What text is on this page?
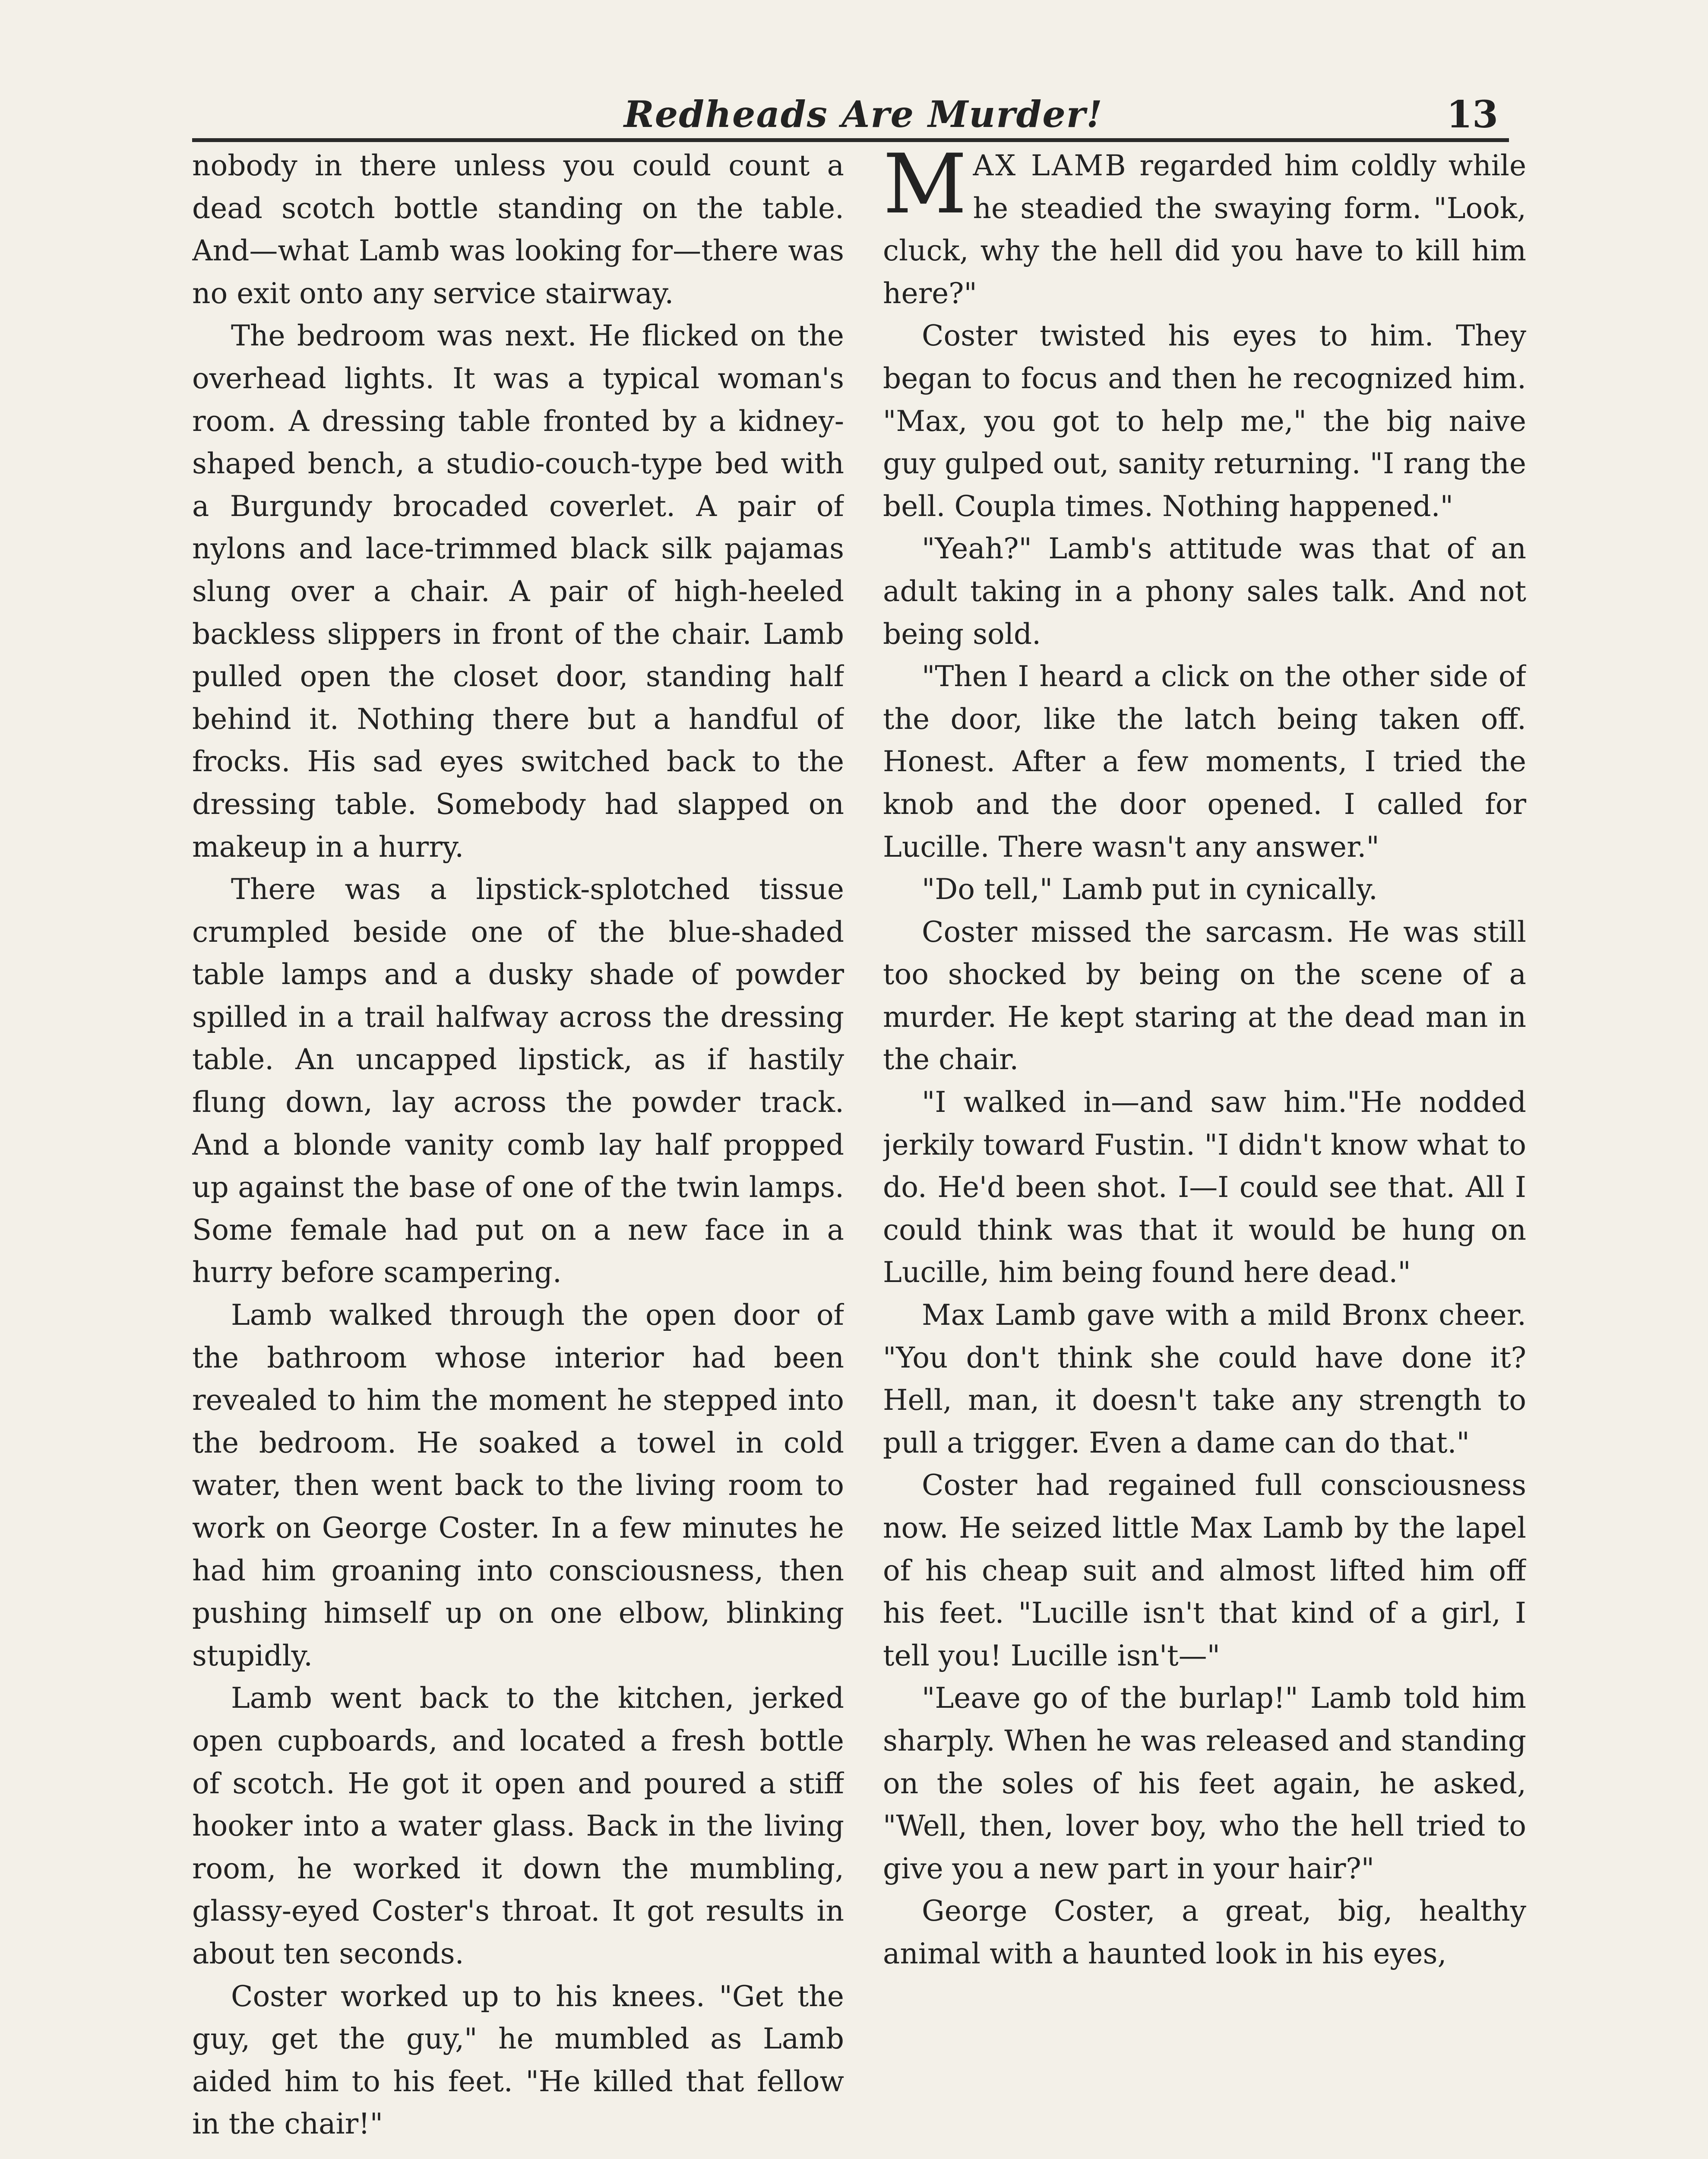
Redheads Are Murder!	13

nobody in there unless you could count a dead scotch bottle standing on the table. And—what Lamb was looking for—there was no exit onto any service stairway.

The bedroom was next. He flicked on the overhead lights. It was a typical woman's room. A dressing table fronted by a kidney-shaped bench, a studio-couch-type bed with a Burgundy brocaded coverlet. A pair of nylons and lace-trimmed black silk pajamas slung over a chair. A pair of high-heeled backless slippers in front of the chair. Lamb pulled open the closet door, standing half behind it. Nothing there but a handful of frocks. His sad eyes switched back to the dressing table. Somebody had slapped on makeup in a hurry.

There was a lipstick-splotched tissue crumpled beside one of the blue-shaded table lamps and a dusky shade of powder spilled in a trail halfway across the dressing table. An uncapped lipstick, as if hastily flung down, lay across the powder track. And a blonde vanity comb lay half propped up against the base of one of the twin lamps. Some female had put on a new face in a hurry before scampering.

Lamb walked through the open door of the bathroom whose interior had been revealed to him the moment he stepped into the bedroom. He soaked a towel in cold water, then went back to the living room to work on George Coster. In a few minutes he had him groaning into consciousness, then pushing himself up on one elbow, blinking stupidly.

Lamb went back to the kitchen, jerked open cupboards, and located a fresh bottle of scotch. He got it open and poured a stiff hooker into a water glass. Back in the living room, he worked it down the mumbling, glassy-eyed Coster's throat. It got results in about ten seconds.

Coster worked up to his knees. "Get the guy, get the guy," he mumbled as Lamb aided him to his feet. "He killed that fellow in the chair!"

MAX LAMB regarded him coldly while he steadied the swaying form. "Look, cluck, why the hell did you have to kill him here?"

Coster twisted his eyes to him. They began to focus and then he recognized him. "Max, you got to help me," the big naive guy gulped out, sanity returning. "I rang the bell. Coupla times. Nothing happened."

"Yeah?" Lamb's attitude was that of an adult taking in a phony sales talk. And not being sold.

"Then I heard a click on the other side of the door, like the latch being taken off. Honest. After a few moments, I tried the knob and the door opened. I called for Lucille. There wasn't any answer."

"Do tell," Lamb put in cynically.

Coster missed the sarcasm. He was still too shocked by being on the scene of a murder. He kept staring at the dead man in the chair.

"I walked in—and saw him."He nodded jerkily toward Fustin. "I didn't know what to do. He'd been shot. I—I could see that. All I could think was that it would be hung on Lucille, him being found here dead."

Max Lamb gave with a mild Bronx cheer. "You don't think she could have done it? Hell, man, it doesn't take any strength to pull a trigger. Even a dame can do that."

Coster had regained full consciousness now. He seized little Max Lamb by the lapel of his cheap suit and almost lifted him off his feet. "Lucille isn't that kind of a girl, I tell you! Lucille isn't—"

"Leave go of the burlap!" Lamb told him sharply. When he was released and standing on the soles of his feet again, he asked, "Well, then, lover boy, who the hell tried to give you a new part in your hair?"

George Coster, a great, big, healthy animal with a haunted look in his eyes,
